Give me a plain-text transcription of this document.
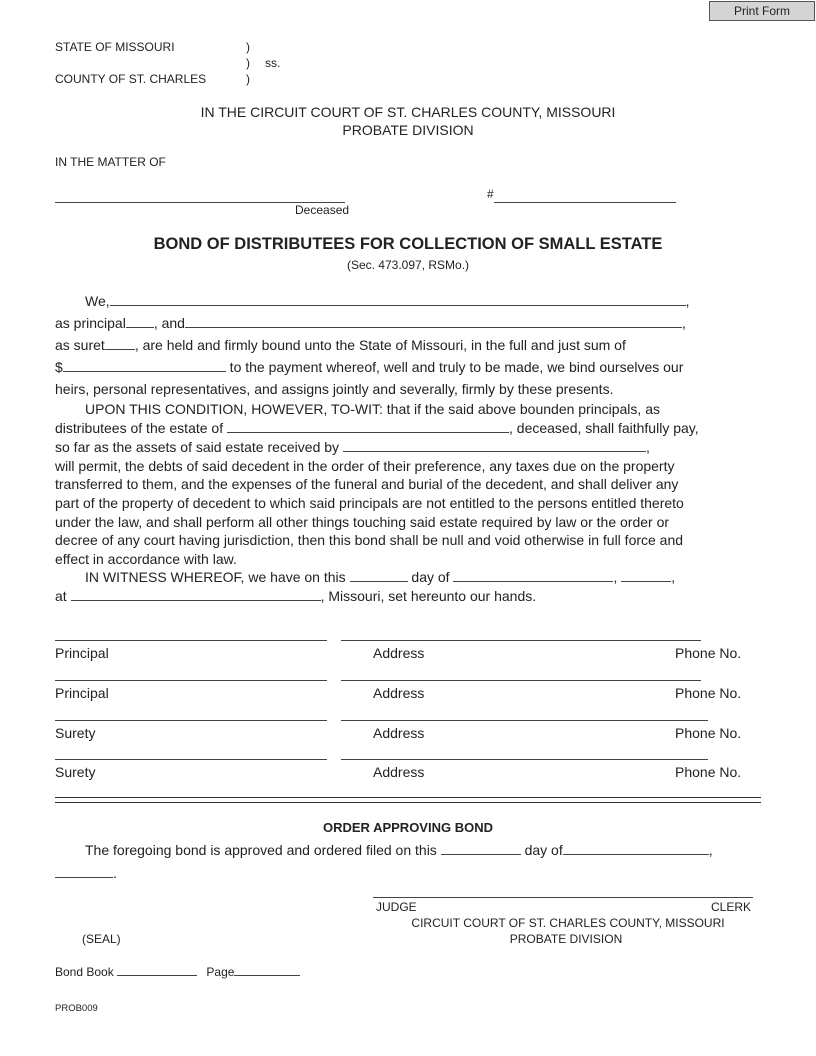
Print Form
STATE OF MISSOURI	)
) ss.
COUNTY OF ST. CHARLES	)
IN THE CIRCUIT COURT OF ST. CHARLES COUNTY, MISSOURI
PROBATE DIVISION
IN THE MATTER OF
Deceased
#
BOND OF DISTRIBUTEES FOR COLLECTION OF SMALL ESTATE
(Sec. 473.097, RSMo.)
We,	,
as principal , and	,
as suret , are held and firmly bound unto the State of Missouri, in the full and just sum of
$	to the payment whereof, well and truly to be made, we bind ourselves our
heirs, personal representatives, and assigns jointly and severally, firmly by these presents.
UPON THIS CONDITION, HOWEVER, TO-WIT: that if the said above bounden principals, as
distributees of the estate of	, deceased, shall faithfully pay,
so far as the assets of said estate received by	,
will permit, the debts of said decedent in the order of their preference, any taxes due on the property
transferred to them, and the expenses of the funeral and burial of the decedent, and shall deliver any
part of the property of decedent to which said principals are not entitled to the persons entitled thereto
under the law, and shall perform all other things touching said estate required by law or the order or
decree of any court having jurisdiction, then this bond shall be null and void otherwise in full force and
effect in accordance with law.
IN WITNESS WHEREOF, we have on this	day of	,	,
at	, Missouri, set hereunto our hands.
Principal	Address	Phone No.
Principal	Address	Phone No.
Surety	Address	Phone No.
Surety	Address	Phone No.
ORDER APPROVING BOND
The foregoing bond is approved and ordered filed on this	day of	,
.
JUDGE	CLERK
CIRCUIT COURT OF ST. CHARLES COUNTY, MISSOURI
PROBATE DIVISION
(SEAL)
Bond Book	Page
PROB009
